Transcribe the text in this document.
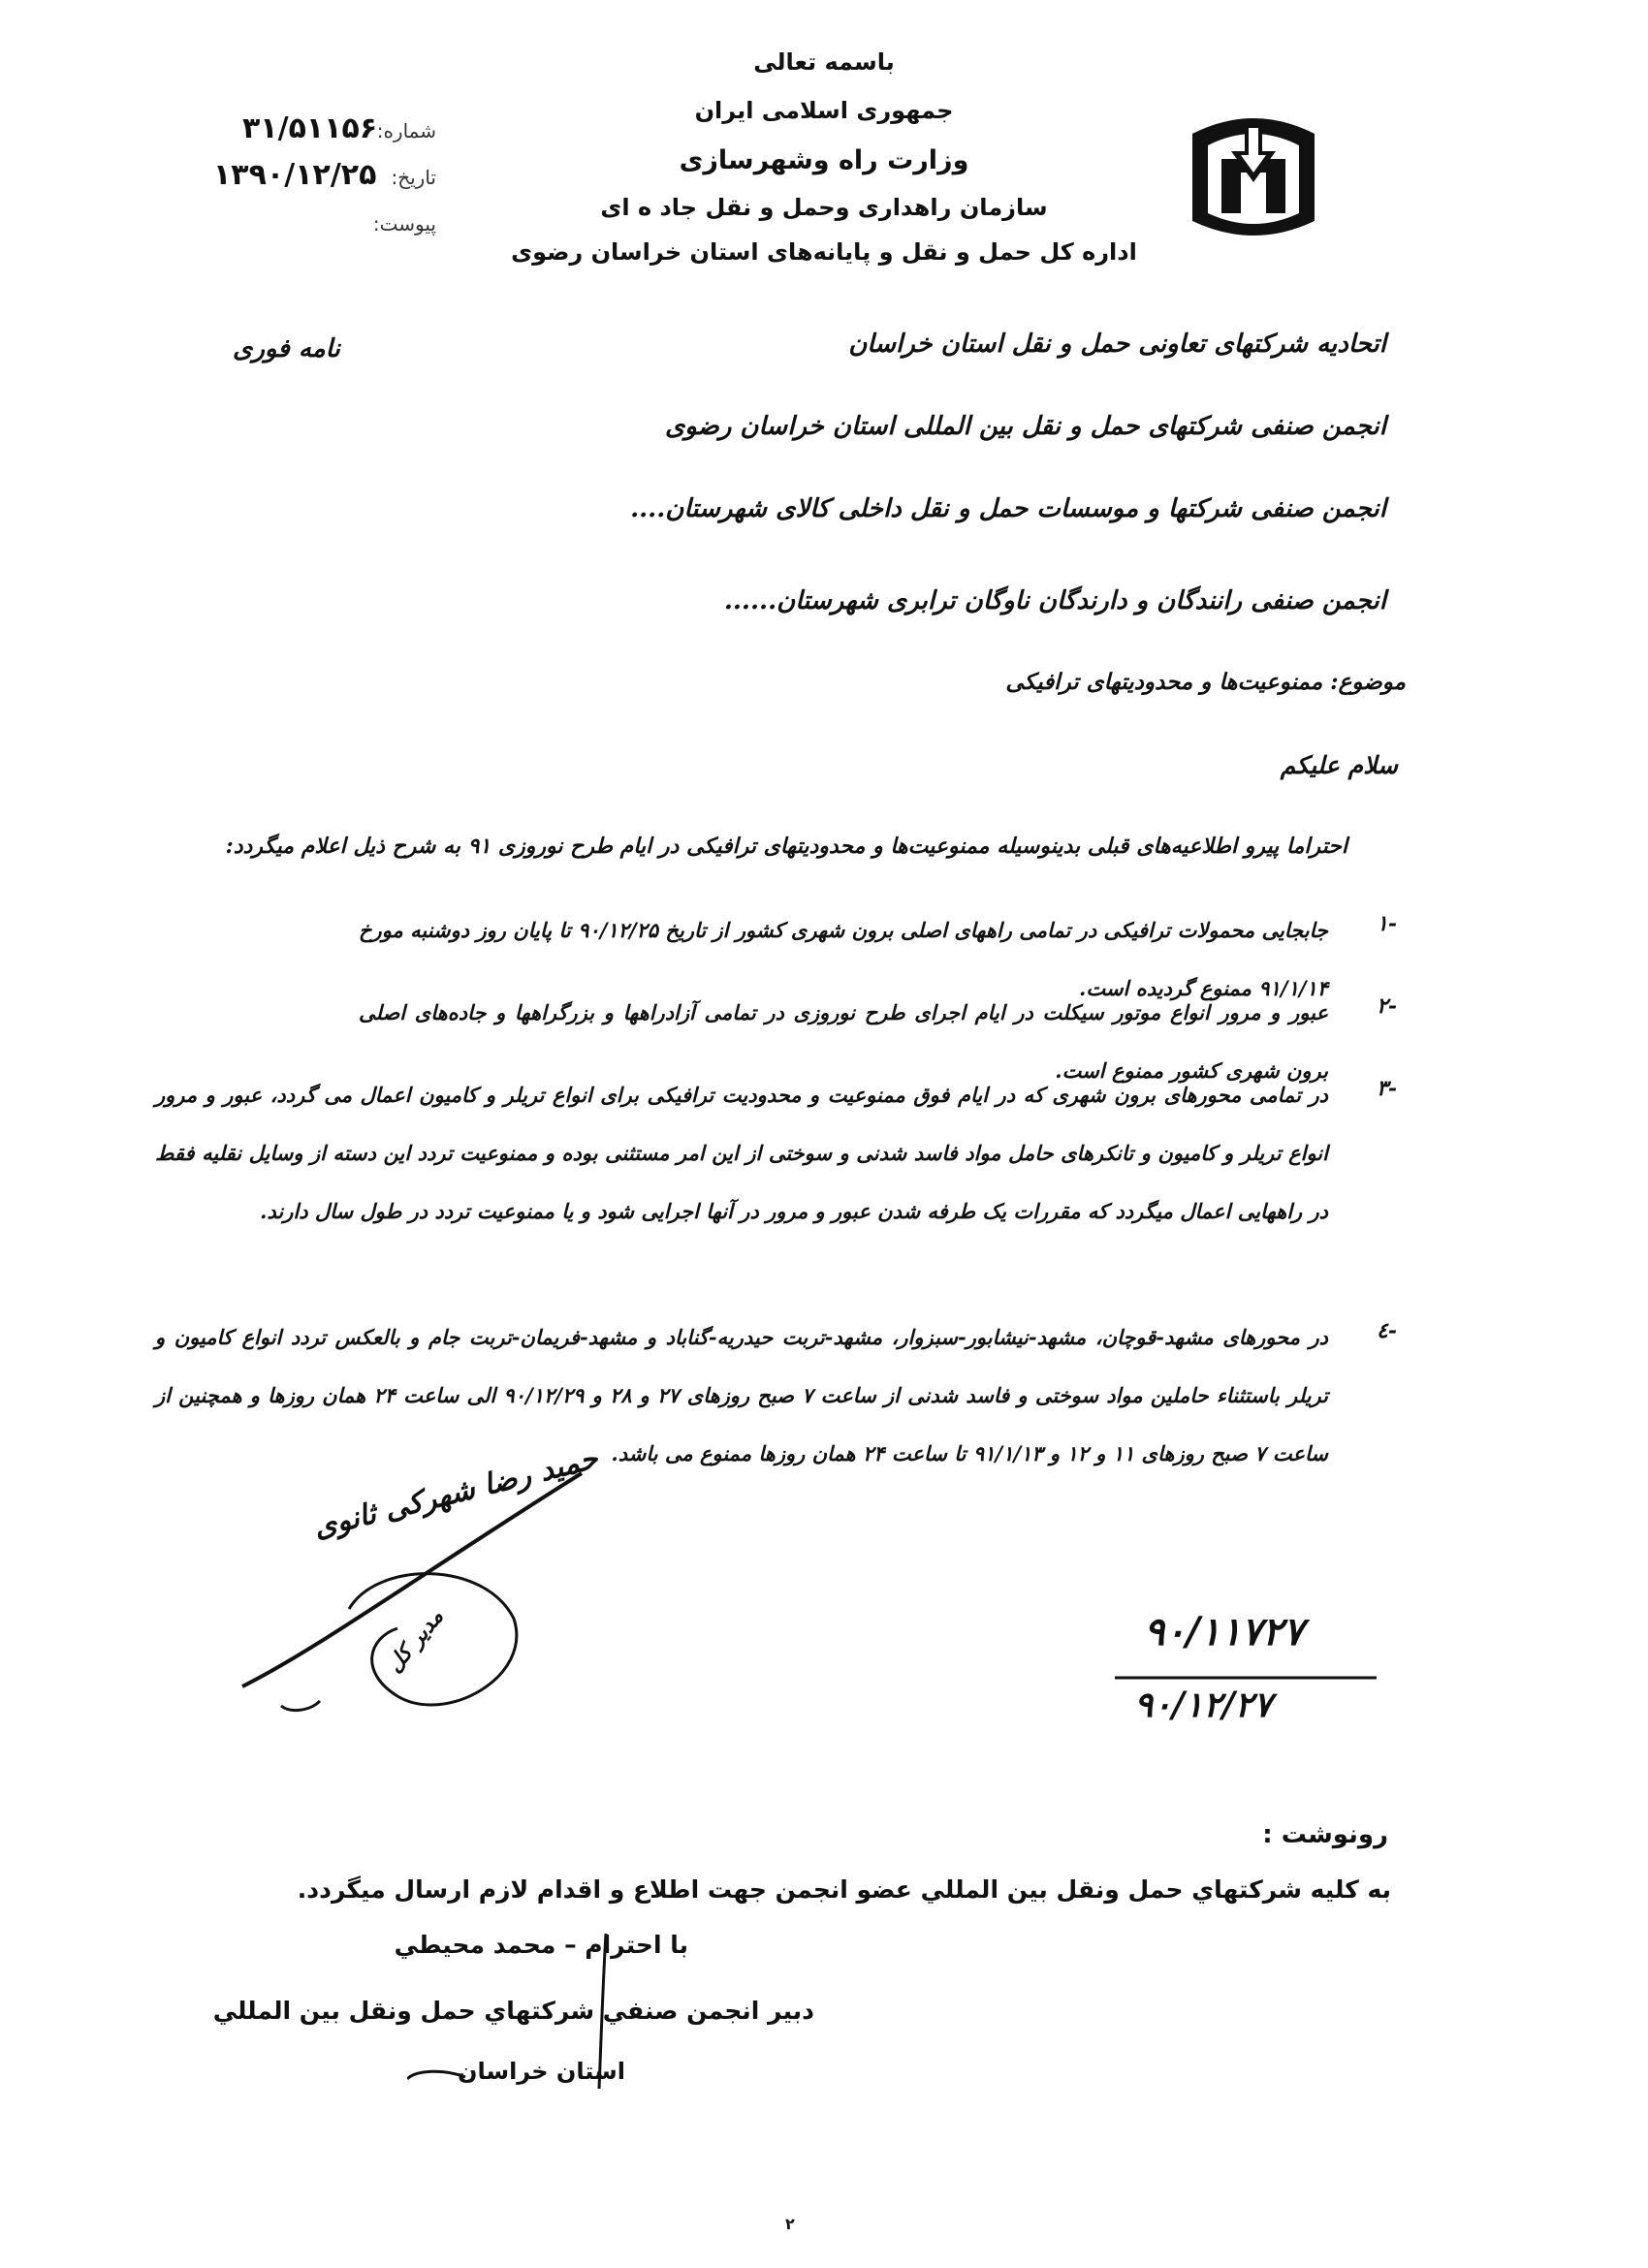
باسمه تعالی
جمهوری اسلامی ایران
وزارت راه وشهرسازی
سازمان راهداری وحمل و نقل جاد ه ای
اداره کل حمل و نقل و پایانه‌های استان خراسان رضوی
شماره:
۳۱/۵۱۱۵۶
تاریخ:
۱۳۹۰/۱۲/۲۵
پیوست:
نامه فوری	اتحادیه شرکتهای تعاونی حمل و نقل استان خراسان
انجمن صنفی شرکتهای حمل و نقل بین المللی استان خراسان رضوی
انجمن صنفی شرکتها و موسسات حمل و نقل داخلی کالای شهرستان....
انجمن صنفی رانندگان و دارندگان ناوگان ترابری شهرستان......
موضوع: ممنوعیت‌ها و محدودیتهای ترافیکی
سلام علیکم
احتراما پیرو اطلاعیه‌های قبلی بدینوسیله ممنوعیت‌ها و محدودیتهای ترافیکی در ایام طرح نوروزی ۹۱ به شرح ذیل اعلام میگردد:
۱-
جابجایی محمولات ترافیکی در تمامی راههای اصلی برون شهری کشور از تاریخ ۹۰/۱۲/۲۵ تا پایان روز دوشنبه مورخ ۹۱/۱/۱۴ ممنوع گردیده است.
۲-
عبور و مرور انواع موتور سیکلت در ایام اجرای طرح نوروزی در تمامی آزادراهها و بزرگراهها و جاده‌های اصلی برون شهری کشور ممنوع است.
۳-
در تمامی محورهای برون شهری که در ایام فوق ممنوعیت و محدودیت ترافیکی برای انواع تریلر و کامیون اعمال می گردد، عبور و مرور انواع تریلر و کامیون و تانکرهای حامل مواد فاسد شدنی و سوختی از این امر مستثنی بوده و ممنوعیت تردد این دسته از وسایل نقلیه فقط در راههایی اعمال میگردد که مقررات یک طرفه شدن عبور و مرور در آنها اجرایی شود و یا ممنوعیت تردد در طول سال دارند.
٤-
در محورهای مشهد-قوچان، مشهد-نیشابور-سبزوار، مشهد-تربت حیدریه-گناباد و مشهد-فریمان-تربت جام و بالعکس تردد انواع کامیون و تریلر باستثناء حاملین مواد سوختی و فاسد شدنی از ساعت ۷ صبح روزهای ۲۷ و ۲۸ و ۹۰/۱۲/۲۹ الی ساعت ۲۴ همان روزها و همچنین از ساعت ۷ صبح روزهای ۱۱ و ۱۲ و ۹۱/۱/۱۳ تا ساعت ۲۴ همان روزها ممنوع می باشد.
حمید رضا شهرکی ثانوی
مدیر کل	۹۰/۱۱۷۲۷
۹۰/۱۲/۲۷
رونوشت :
به کليه شرکتهاي حمل ونقل بين المللي عضو انجمن جهت اطلاع و اقدام لازم ارسال ميگردد.
با احترام – محمد محيطي
دبير انجمن صنفي شرکتهاي حمل ونقل بين المللي
استان خراسان
٢
